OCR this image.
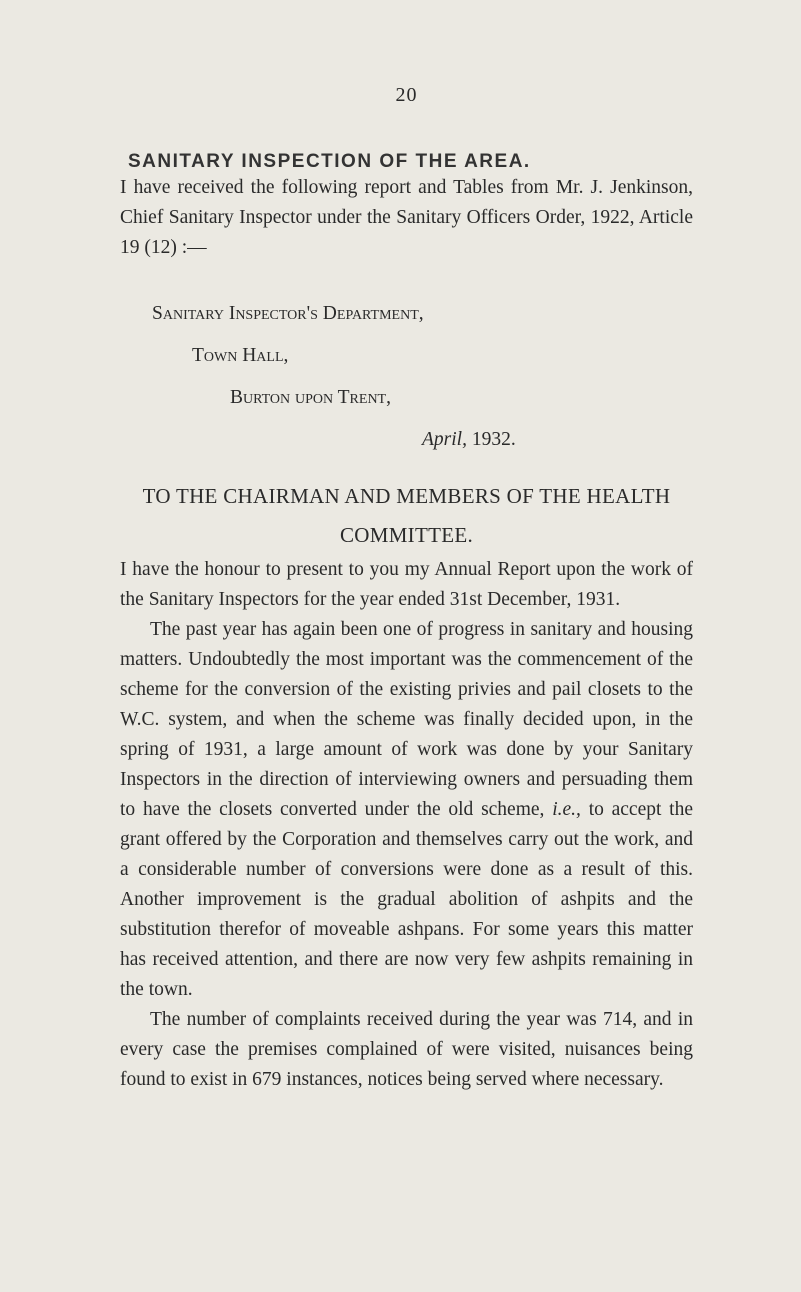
20
SANITARY INSPECTION OF THE AREA.

I have received the following report and Tables from Mr. J. Jenkinson, Chief Sanitary Inspector under the Sanitary Officers Order, 1922, Article 19 (12) :—

Sanitary Inspector's Department,
Town Hall,
Burton upon Trent,
April, 1932.
TO THE CHAIRMAN AND MEMBERS OF THE HEALTH
COMMITTEE.

I have the honour to present to you my Annual Report upon the work of the Sanitary Inspectors for the year ended 31st December, 1931.

The past year has again been one of progress in sanitary and housing matters. Undoubtedly the most important was the commencement of the scheme for the conversion of the existing privies and pail closets to the W.C. system, and when the scheme was finally decided upon, in the spring of 1931, a large amount of work was done by your Sanitary Inspectors in the direction of interviewing owners and persuading them to have the closets converted under the old scheme, i.e., to accept the grant offered by the Corporation and themselves carry out the work, and a considerable number of conversions were done as a result of this. Another improvement is the gradual abolition of ashpits and the substitution therefor of moveable ashpans. For some years this matter has received attention, and there are now very few ashpits remaining in the town.

The number of complaints received during the year was 714, and in every case the premises complained of were visited, nuisances being found to exist in 679 instances, notices being served where necessary.
